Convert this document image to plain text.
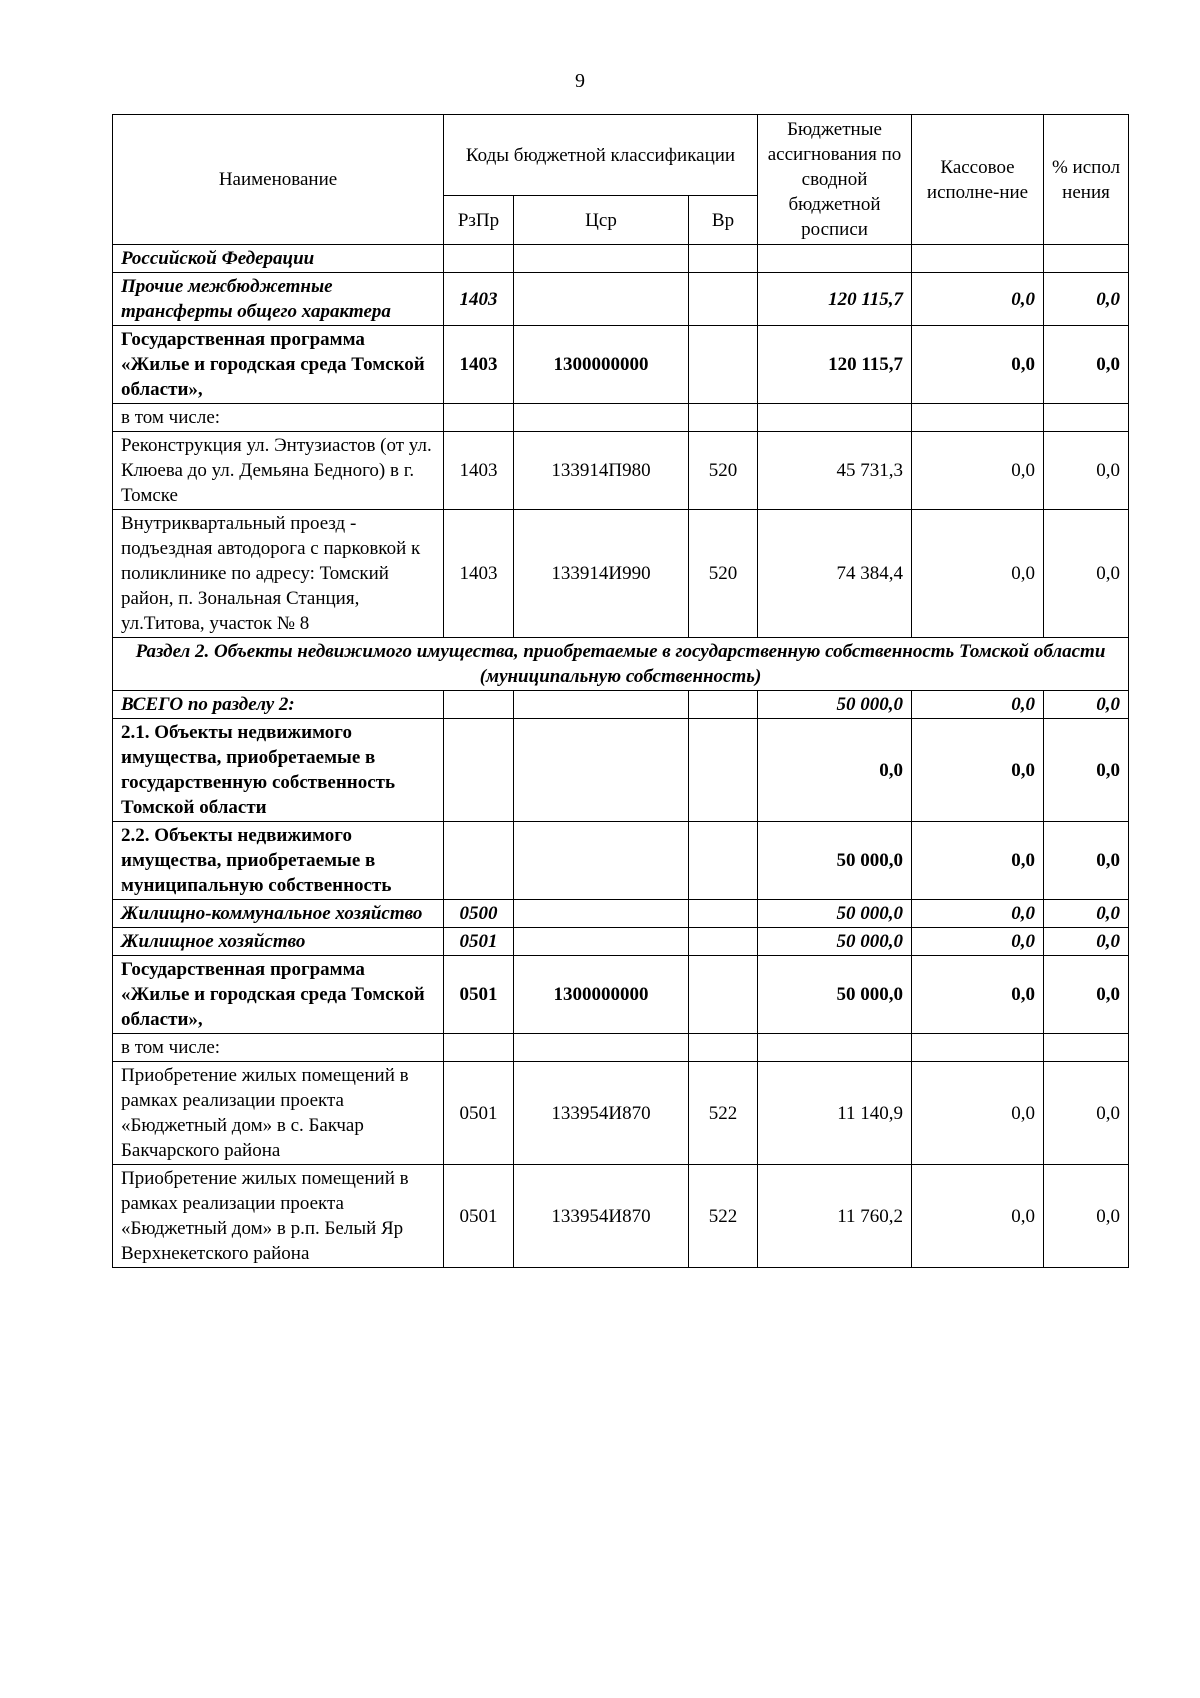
9
Наименование	Коды бюджетной классификации			Бюджетные ассигнования по сводной бюджетной росписи	Кассовое исполне-ние	% испол нения
	РзПр	Цср	Вр			
Российской Федерации						
Прочие межбюджетные трансферты общего характера	1403			120 115,7	0,0	0,0
Государственная программа «Жилье и городская среда Томской области»,	1403	1300000000		120 115,7	0,0	0,0
в том числе:						
Реконструкция ул. Энтузиастов (от ул. Клюева до ул. Демьяна Бедного) в г. Томске	1403	133914П980	520	45 731,3	0,0	0,0
Внутриквартальный проезд - подъездная автодорога с парковкой к поликлинике по адресу: Томский район, п. Зональная Станция, ул.Титова, участок № 8	1403	133914И990	520	74 384,4	0,0	0,0
Раздел 2. Объекты недвижимого имущества, приобретаемые в государственную собственность Томской области (муниципальную собственность)						
ВСЕГО по разделу 2:				50 000,0	0,0	0,0
2.1. Объекты недвижимого имущества, приобретаемые в государственную собственность Томской области				0,0	0,0	0,0
2.2. Объекты недвижимого имущества, приобретаемые в муниципальную собственность				50 000,0	0,0	0,0
Жилищно-коммунальное хозяйство	0500			50 000,0	0,0	0,0
Жилищное хозяйство	0501			50 000,0	0,0	0,0
Государственная программа «Жилье и городская среда Томской области»,	0501	1300000000		50 000,0	0,0	0,0
в том числе:						
Приобретение жилых помещений в рамках реализации проекта «Бюджетный дом» в с. Бакчар Бакчарского района	0501	133954И870	522	11 140,9	0,0	0,0
Приобретение жилых помещений в рамках реализации проекта «Бюджетный дом» в р.п. Белый Яр Верхнекетского района	0501	133954И870	522	11 760,2	0,0	0,0
